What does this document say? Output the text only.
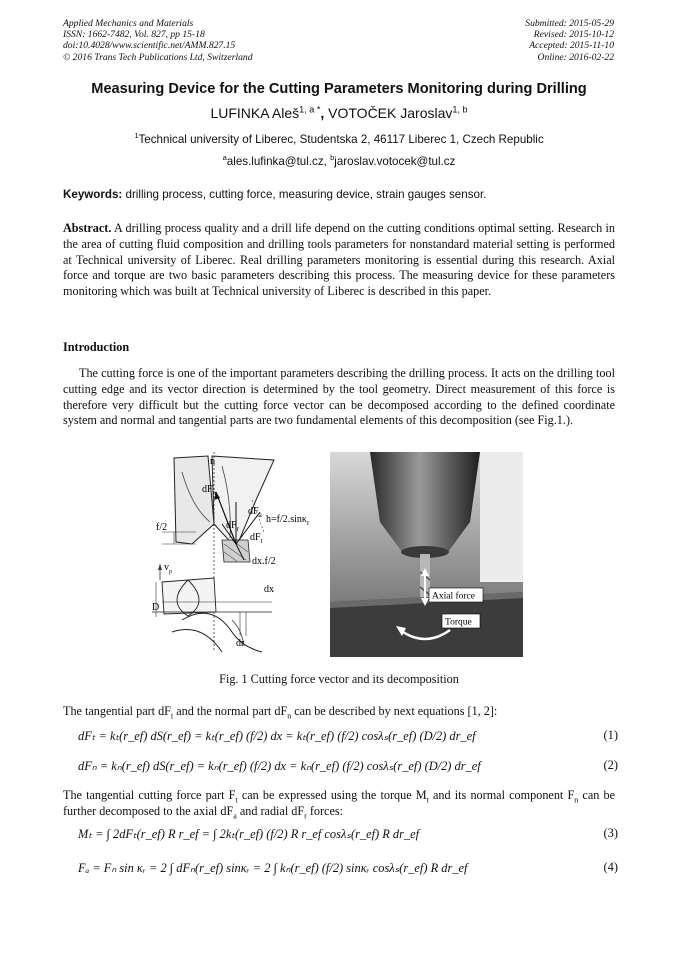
Applied Mechanics and Materials
ISSN: 1662-7482, Vol. 827, pp 15-18
doi:10.4028/www.scientific.net/AMM.827.15
© 2016 Trans Tech Publications Ltd, Switzerland
Submitted: 2015-05-29
Revised: 2015-10-12
Accepted: 2015-11-10
Online: 2016-02-22
Measuring Device for the Cutting Parameters Monitoring during Drilling
LUFINKA Aleš$^{1, a *}$, VOTOČEK Jaroslav$^{1, b}$
$^1$Technical university of Liberec, Studentska 2, 46117 Liberec 1, Czech Republic
$^a$ales.lufinka@tul.cz, $^b$jaroslav.votocek@tul.cz
Keywords: drilling process, cutting force, measuring device, strain gauges sensor.
Abstract. A drilling process quality and a drill life depend on the cutting conditions optimal setting. Research in the area of cutting fluid composition and drilling tools parameters for nonstandard material setting is performed at Technical university of Liberec. Real drilling parameters monitoring is essential during this research. Axial force and torque are two basic parameters describing this process. The measuring device for these parameters monitoring which was built at Technical university of Liberec is described in this paper.
Introduction
The cutting force is one of the important parameters describing the drilling process. It acts on the drilling tool cutting edge and its vector direction is determined by the tool geometry. Direct measurement of this force is therefore very difficult but the cutting force vector can be decomposed according to the defined coordinate system and normal and tangential parts are two fundamental elements of this decomposition (see Fig.1.).
n
$dF_n$
$dF_a$ h=f/2.sinκ$_r$
$dF_r$
f/2
$dF_t$
dx.f/2
$v_p$
dx
D
dr
Axial force
Torque
Fig. 1 Cutting force vector and its decomposition
The tangential part $dF_t$ and the normal part $dF_n$ can be described by next equations [1, 2]:
dFₜ = kₜ(r_ef) dS(r_ef) = kₜ(r_ef) (f/2) dx = kₜ(r_ef) (f/2) cosλₛ(r_ef) (D/2) dr_ef	(1)
dFₙ = kₙ(r_ef) dS(r_ef) = kₙ(r_ef) (f/2) dx = kₙ(r_ef) (f/2) cosλₛ(r_ef) (D/2) dr_ef	(2)
The tangential cutting force part $F_t$ can be expressed using the torque $M_t$ and its normal component $F_n$ can be further decomposed to the axial $dF_a$ and radial $dF_r$ forces:
Mₜ = ∫ 2dFₜ(r_ef) R r_ef = ∫ 2kₜ(r_ef) (f/2) R r_ef cosλₛ(r_ef) R dr_ef	(3)
Fₐ = Fₙ sin κᵣ = 2 ∫ dFₙ(r_ef) sinκᵣ = 2 ∫ kₙ(r_ef) (f/2) sinκᵣ cosλₛ(r_ef) R dr_ef	(4)
